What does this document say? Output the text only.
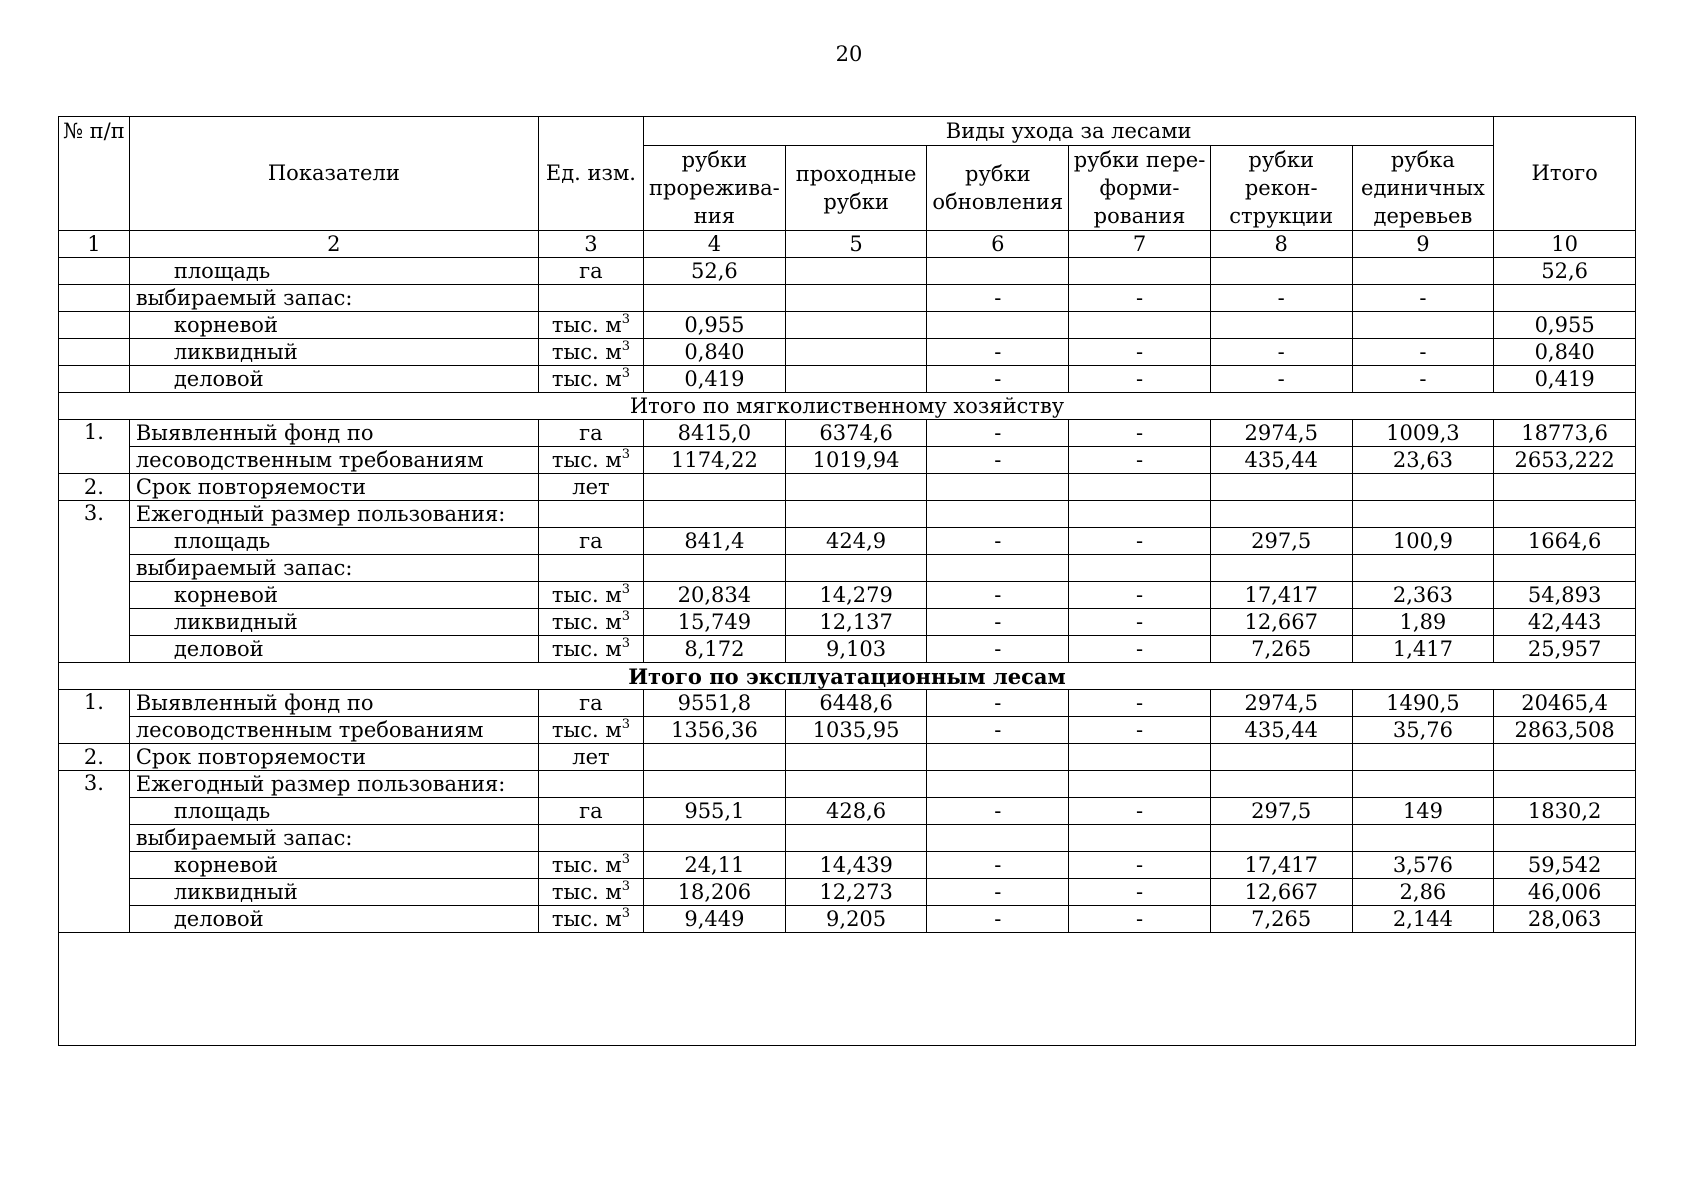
20
№ п/п	Показатели	Ед. изм.	Виды ухода за лесами						Итого
			рубки прорежива-ния	проходные рубки	рубки обновления	рубки пере-форми-рования	рубки рекон-струкции	рубка единичных деревьев	
1	2	3	4	5	6	7	8	9	10
	площадь	га	52,6						52,6
	выбираемый запас:				-	-	-	-	
	корневой	тыс. $м^3$	0,955						0,955
	ликвидный	тыс. $м^3$	0,840		-	-	-	-	0,840
	деловой	тыс. $м^3$	0,419		-	-	-	-	0,419
Итого по мягколиственному хозяйству									
1.	Выявленный фонд по	га	8415,0	6374,6	-	-	2974,5	1009,3	18773,6
	лесоводственным требованиям	тыс. $м^3$	1174,22	1019,94	-	-	435,44	23,63	2653,222
2.	Срок повторяемости	лет							
3.	Ежегодный размер пользования:								
	площадь	га	841,4	424,9	-	-	297,5	100,9	1664,6
	выбираемый запас:								
	корневой	тыс. $м^3$	20,834	14,279	-	-	17,417	2,363	54,893
	ликвидный	тыс. $м^3$	15,749	12,137	-	-	12,667	1,89	42,443
	деловой	тыс. $м^3$	8,172	9,103	-	-	7,265	1,417	25,957
Итого по эксплуатационным лесам									
1.	Выявленный фонд по	га	9551,8	6448,6	-	-	2974,5	1490,5	20465,4
	лесоводственным требованиям	тыс. $м^3$	1356,36	1035,95	-	-	435,44	35,76	2863,508
2.	Срок повторяемости	лет							
3.	Ежегодный размер пользования:								
	площадь	га	955,1	428,6	-	-	297,5	149	1830,2
	выбираемый запас:								
	корневой	тыс. $м^3$	24,11	14,439	-	-	17,417	3,576	59,542
	ликвидный	тыс. $м^3$	18,206	12,273	-	-	12,667	2,86	46,006
	деловой	тыс. $м^3$	9,449	9,205	-	-	7,265	2,144	28,063
